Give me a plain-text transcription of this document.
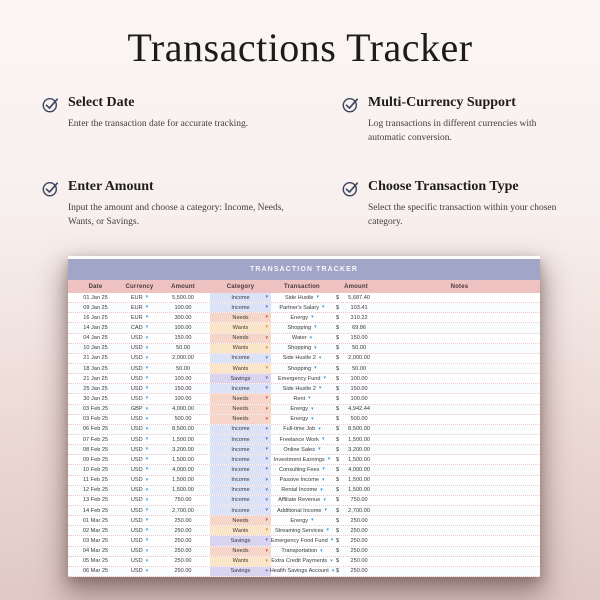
Transactions Tracker
Select Date

Enter the transaction date for accurate tracking.

Multi-Currency Support

Log transactions in different currencies with automatic conversion.

Enter Amount

Input the amount and choose a category: Income, Needs, Wants, or Savings.

Choose Transaction Type

Select the specific transaction within your chosen category.

TRANSACTION TRACKER
Date	Currency	Amount	Category	Transaction	Amount	Notes
01 Jan 25	EUR ▾	5,500.00	Income	▾	Side Hustle ▾	$	5,687.40
09 Jan 25	EUR ▾	100.00	Income	▾ Partner's Salary ▾ $	103.41
16 Jan 25	EUR ▾	300.00	Needs	▾	Energy ▾	$	310.22
14 Jan 25	CAD ▾	100.00	Wants	▾	Shopping ▾	$	69.86
04 Jan 25	USD ▾	150.00	Needs	▾	Water ▾	$	150.00
10 Jan 25	USD ▾	50.00	Wants	▾	Shopping ▾	$	50.00
21 Jan 25	USD ▾	2,000.00	Income	▾	Side Hustle 2 ▾	$	2,000.00
18 Jan 25	USD ▾	50.00	Wants	▾	Shopping ▾	$	50.00
21 Jan 25	USD ▾	100.00	Savings	▾ Emergency Fund ▾ $	100.00
25 Jan 25	USD ▾	150.00	Income	▾	Side Hustle 2 ▾	$	150.00
30 Jan 25	USD ▾	100.00	Needs	▾	Rent ▾	$	100.00
03 Feb 25	GBP ▾	4,000.00	Needs	▾	Energy ▾	$	4,942.44
03 Feb 25	USD ▾	500.00	Needs	▾	Energy ▾	$	500.00
06 Feb 25	USD ▾	8,500.00	Income	▾	Full-time Job ▾	$	8,500.00
07 Feb 25	USD ▾	1,500.00	Income	▾ Freelance Work ▾ $	1,500.00
08 Feb 25	USD ▾	3,200.00	Income	▾	Online Sales ▾	$	3,200.00
09 Feb 25	USD ▾	1,500.00	Income	▾ Investment Earnings ▾ $	1,500.00
10 Feb 25	USD ▾	4,000.00	Income	▾ Consulting Fees ▾ $	4,000.00
11 Feb 25	USD ▾	1,500.00	Income	▾ Passive Income ▾ $	1,500.00
12 Feb 25	USD ▾	1,500.00	Income	▾ Rental Income ▾ $	1,500.00
13 Feb 25	USD ▾	750.00	Income	▾ Affiliate Revenue ▾ $	750.00
14 Feb 25	USD ▾	2,700.00	Income	▾ Additional Income ▾ $	2,700.00
01 Mar 25	USD ▾	250.00	Needs	▾	Energy ▾	$	250.00
02 Mar 25	USD ▾	250.00	Wants	▾ Streaming Services ▾ $	250.00
03 Mar 25	USD ▾	250.00	Savings	▾ Emergency Food Fund ▾ $	250.00
04 Mar 25	USD ▾	250.00	Needs	▾ Transportation ▾ $	250.00
05 Mar 25	USD ▾	250.00	Wants	▾ Extra Credit Payments ▾ $	250.00
06 Mar 25	USD ▾	250.00	Savings	▾ Health Savings Account ▾ $	250.00
